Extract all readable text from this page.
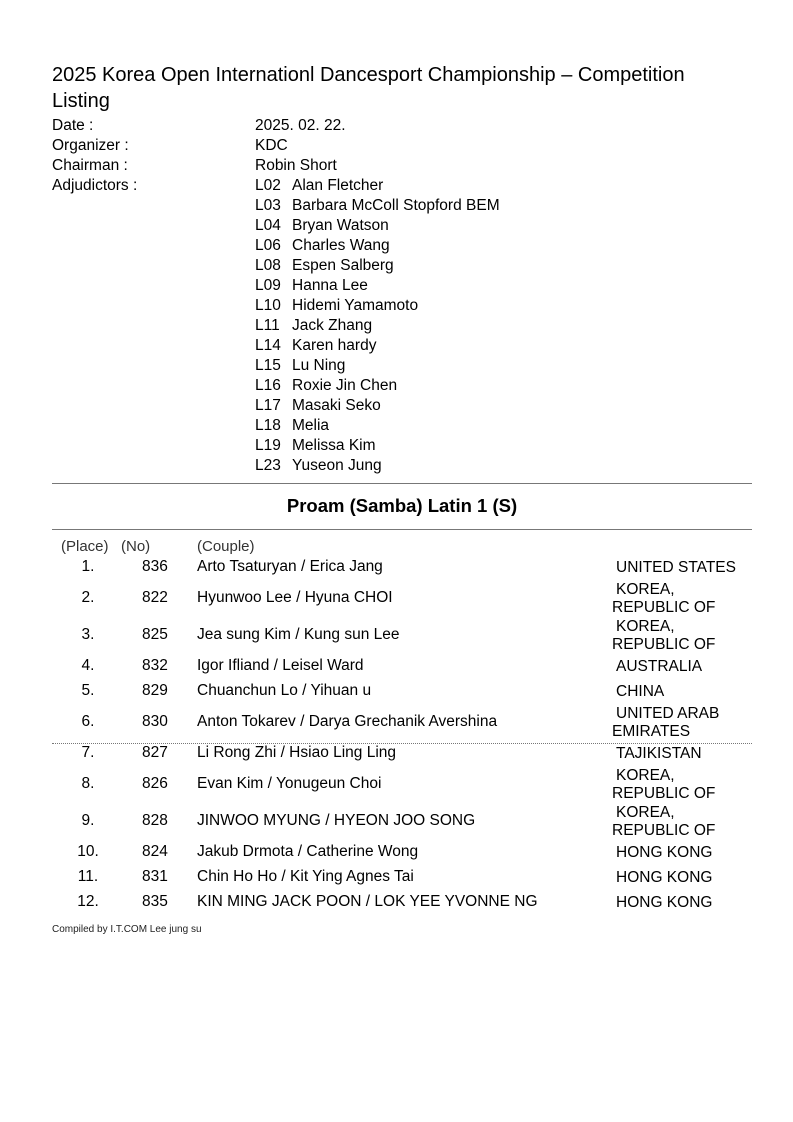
2025 Korea Open Internationl Dancesport Championship – Competition Listing
Date :	2025. 02. 22.
Organizer :	KDC
Chairman :	Robin Short
Adjudictors :	L02 Alan Fletcher
L03 Barbara McColl Stopford BEM
L04 Bryan Watson
L06 Charles Wang
L08 Espen Salberg
L09 Hanna Lee
L10 Hidemi Yamamoto
L11 Jack Zhang
L14 Karen hardy
L15 Lu Ning
L16 Roxie Jin Chen
L17 Masaki Seko
L18 Melia
L19 Melissa Kim
L23 Yuseon Jung
Proam (Samba) Latin 1 (S)
(Place) (No)	(Couple)
1.	836 Arto Tsaturyan / Erica Jang	UNITED STATES
2.	822 Hyunwoo Lee / Hyuna CHOI	KOREA,
REPUBLIC OF
3.	825 Jea sung Kim / Kung sun Lee	KOREA,
REPUBLIC OF
4.	832 Igor Ifliand / Leisel Ward	AUSTRALIA
5.	829 Chuanchun Lo / Yihuan u	CHINA
6.	830 Anton Tokarev / Darya Grechanik Avershina	UNITED ARAB
EMIRATES
7.	827 Li Rong Zhi / Hsiao Ling Ling	TAJIKISTAN
8.	826 Evan Kim / Yonugeun Choi	KOREA,
REPUBLIC OF
9.	828 JINWOO MYUNG / HYEON JOO SONG	KOREA,
REPUBLIC OF
10.	824 Jakub Drmota / Catherine Wong	HONG KONG
11.	831 Chin Ho Ho / Kit Ying Agnes Tai	HONG KONG
12.	835 KIN MING JACK POON / LOK YEE YVONNE NG	HONG KONG
Compiled by I.T.COM Lee jung su
